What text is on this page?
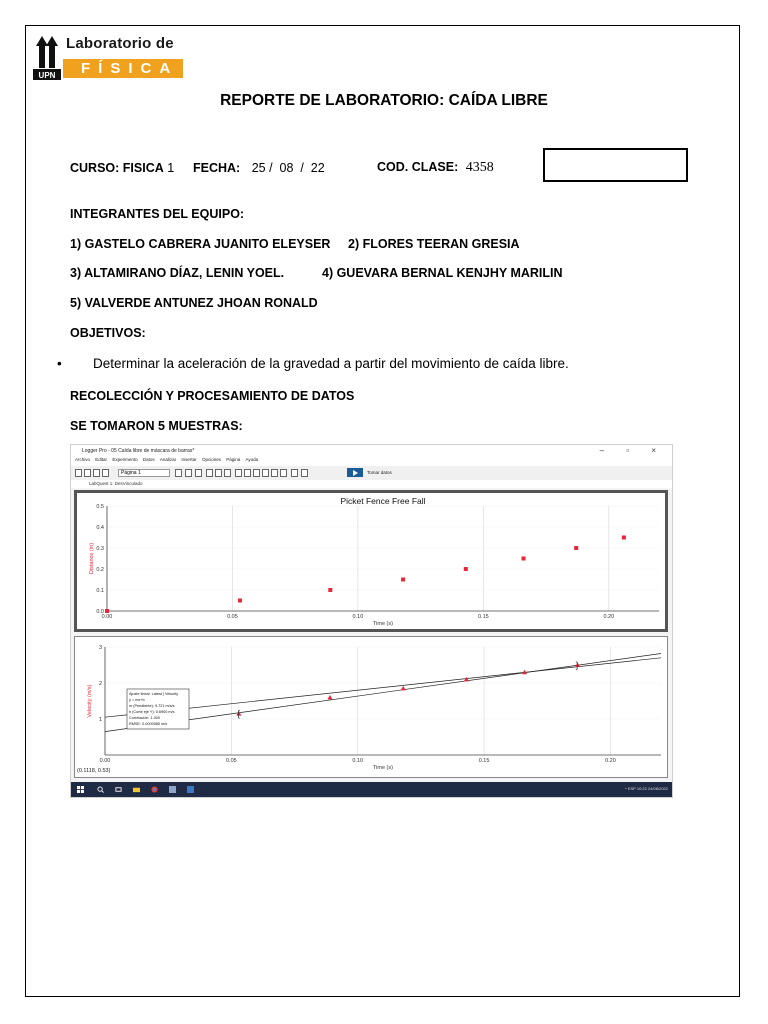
UPN
Laboratorio de
FÍSICA
REPORTE DE LABORATORIO: CAÍDA LIBRE
CURSO: FISICA 1 FECHA: 25 /  08  /  22	COD. CLASE: 4358
INTEGRANTES DEL EQUIPO:
1) GASTELO CABRERA JUANITO ELEYSER 2) FLORES TEERAN GRESIA
3) ALTAMIRANO DÍAZ, LENIN YOEL.	4) GUEVARA BERNAL KENJHY MARILIN
5) VALVERDE ANTUNEZ JHOAN RONALD
OBJETIVOS:
• Determinar la aceleración de la gravedad a partir del movimiento de caída libre.
RECOLECCIÓN Y PROCESAMIENTO DE DATOS
SE TOMARON 5 MUESTRAS:
Logger Pro - 05 Caída libre de máscara de barras*	– ▫ ×
Archivo Editar Experimento Datos Analizar Insertar Opciones Página Ayuda
Página 1	Tomar datos
LabQuest 1: DesVinculado
0.00	0.05	0.10	0.15	0.20
0.0
0.1
0.2
0.3
0.4
0.5
Picket Fence Free Fall
Time (s)
Distance (m)
0.00	0.05	0.10	0.15	0.20
1
2
3
Time (s)
Velocity (m/s)	{
}
Ajuste lineal: Latest | Velocity
y = mx+b
m (Pendiente): 9.721 m/s/s
b (Corte eje Y): 0.6900 m/s
Correlación: 1.000
RMSE: 0.0000085 m/s
(0.1118, 0.53)
^ ESP 10:22 24/08/2022
